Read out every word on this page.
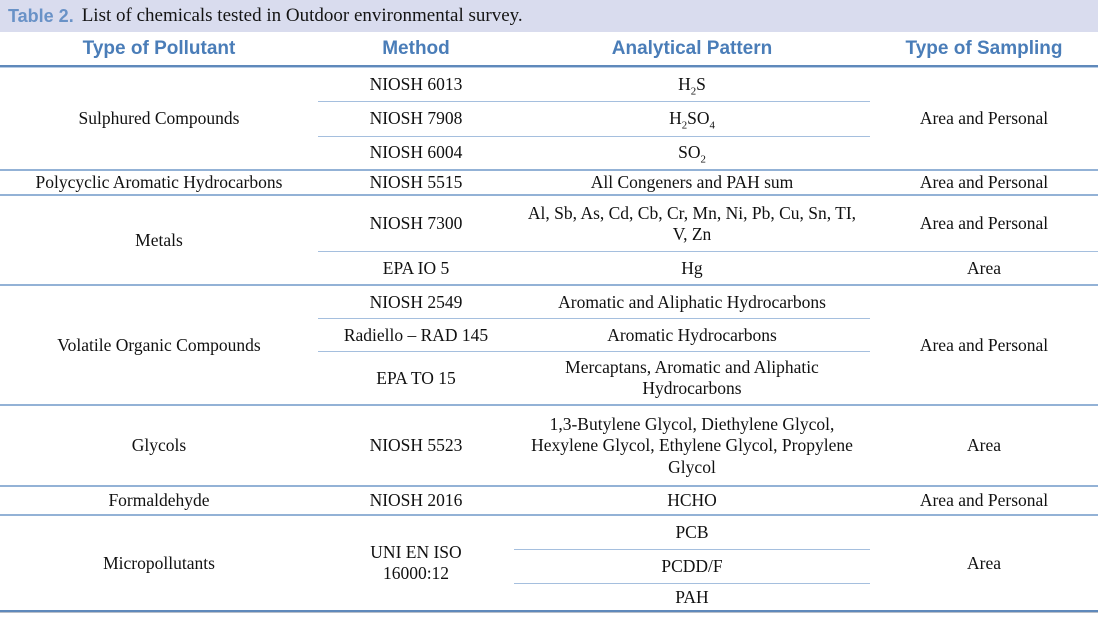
Table 2. List of chemicals tested in Outdoor environmental survey.
Type of Pollutant	Method	Analytical Pattern	Type of Sampling
Sulphured Compounds	NIOSH 6013	$H_2S$	Area and Personal
	NIOSH 7908	$H_2SO_4$
	NIOSH 6004	$SO_2$
Polycyclic Aromatic Hydrocarbons	NIOSH 5515	All Congeners and PAH sum	Area and Personal
Metals	NIOSH 7300	Al, Sb, As, Cd, Cb, Cr, Mn, Ni, Pb, Cu, Sn, TI, V, Zn	Area and Personal
	EPA IO 5	Hg	Area
Volatile Organic Compounds	NIOSH 2549	Aromatic and Aliphatic Hydrocarbons	Area and Personal
	Radiello – RAD 145	Aromatic Hydrocarbons	
	EPA TO 15	Mercaptans, Aromatic and Aliphatic Hydrocarbons	
Glycols	NIOSH 5523	1,3-Butylene Glycol, Diethylene Glycol, Hexylene Glycol, Ethylene Glycol, Propylene Glycol	Area
Formaldehyde	NIOSH 2016	HCHO	Area and Personal
Micropollutants	UNI EN ISO 16000:12	PCB	Area
		PCDD/F	
		PAH	
